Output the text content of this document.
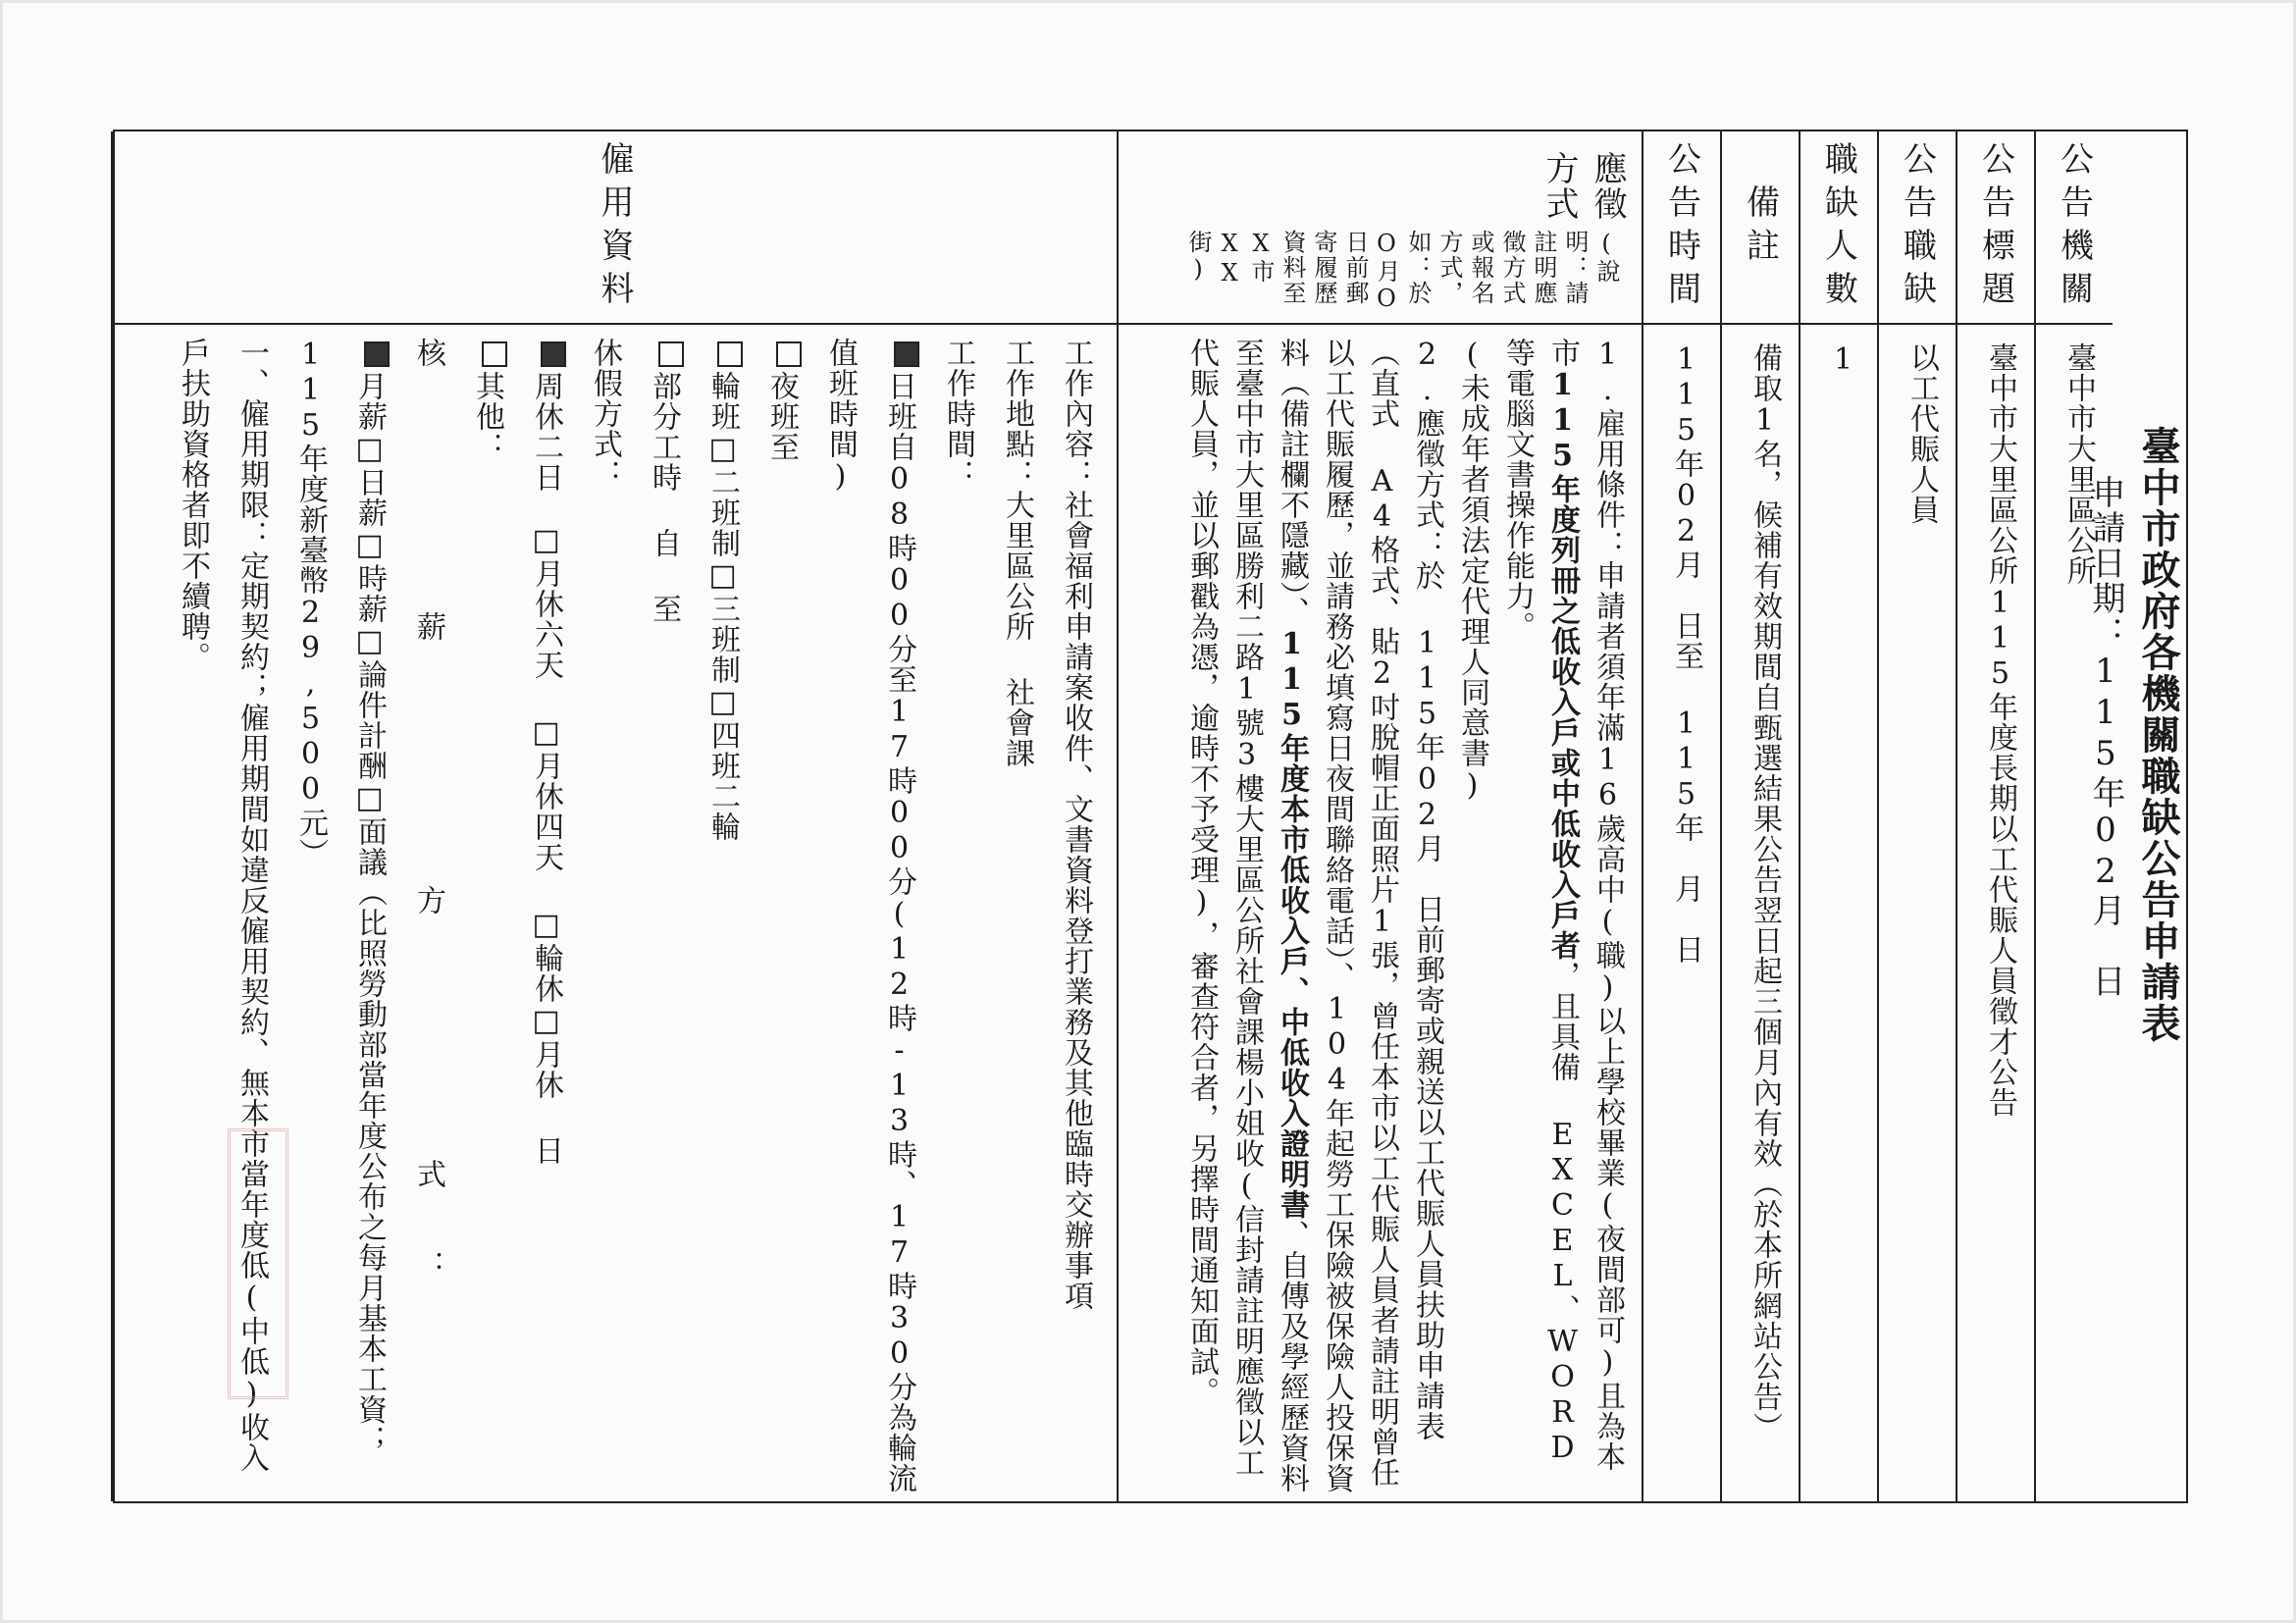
臺中市政府各機關職缺公告申請表
申請日期：115年02月　日
公告機關
臺中市大里區公所
公告標題
臺中市大里區公所115年度長期以工代賑人員徵才公告
公告職缺
以工代賑人員
職缺人數
1
備註
備取1名，候補有效期間自甄選結果公告翌日起三個月內有效（於本所網站公告）
公告時間
115年02月　日至 115年　月　日
應徵方式
(說明：請註明應徵方式或報名方式，如：於O月O日前郵寄履歷資料至X市XX街)
1.雇用條件：申請者須年滿16歲高中(職)以上學校畢業(夜間部可)且為本市115年度列冊之低收入戶或中低收入戶者，且具備 EXCEL、WORD 等電腦文書操作能力。
(未成年者須法定代理人同意書)
2.應徵方式：於 115年02月　日前郵寄或親送以工代賑人員扶助申請表（直式 A4格式、貼2吋脫帽正面照片1張，曾任本市以工代賑人員者請註明曾任以工代賑履歷，並請務必填寫日夜間聯絡電話）、104年起勞工保險被保險人投保資料（備註欄不隱藏）、115年度本市低收入戶、中低收入證明書、自傳及學經歷資料至臺中市大里區勝利二路1號3樓大里區公所社會課楊小姐收(信封請註明應徵以工代賑人員，並以郵戳為憑，逾時不予受理)，審查符合者，另擇時間通知面試。
僱用資料
工作內容：社會福利申請案收件、文書資料登打業務及其他臨時交辦事項
工作地點：大里區公所 社會課
工作時間：
日班自08時00分至17時00分(12時-13時、17時30分為輪流值班時間)
夜班至
輪班□二班制□三班制□四班二輪
部分工時 自 至
休假方式：
周休二日　□月休六天 □月休四天 □輪休□月休 日
其他：
核　　　　　　　　薪　　　　　　　　方　　　　　　　　式　　：
月薪□日薪□時薪□論件計酬□面議（比照勞動部當年度公布之每月基本工資；115年度新臺幣29,500元）
一、僱用期限：定期契約；僱用期間如違反僱用契約、無本市當年度低(中低)收入戶扶助資格者即不續聘。
